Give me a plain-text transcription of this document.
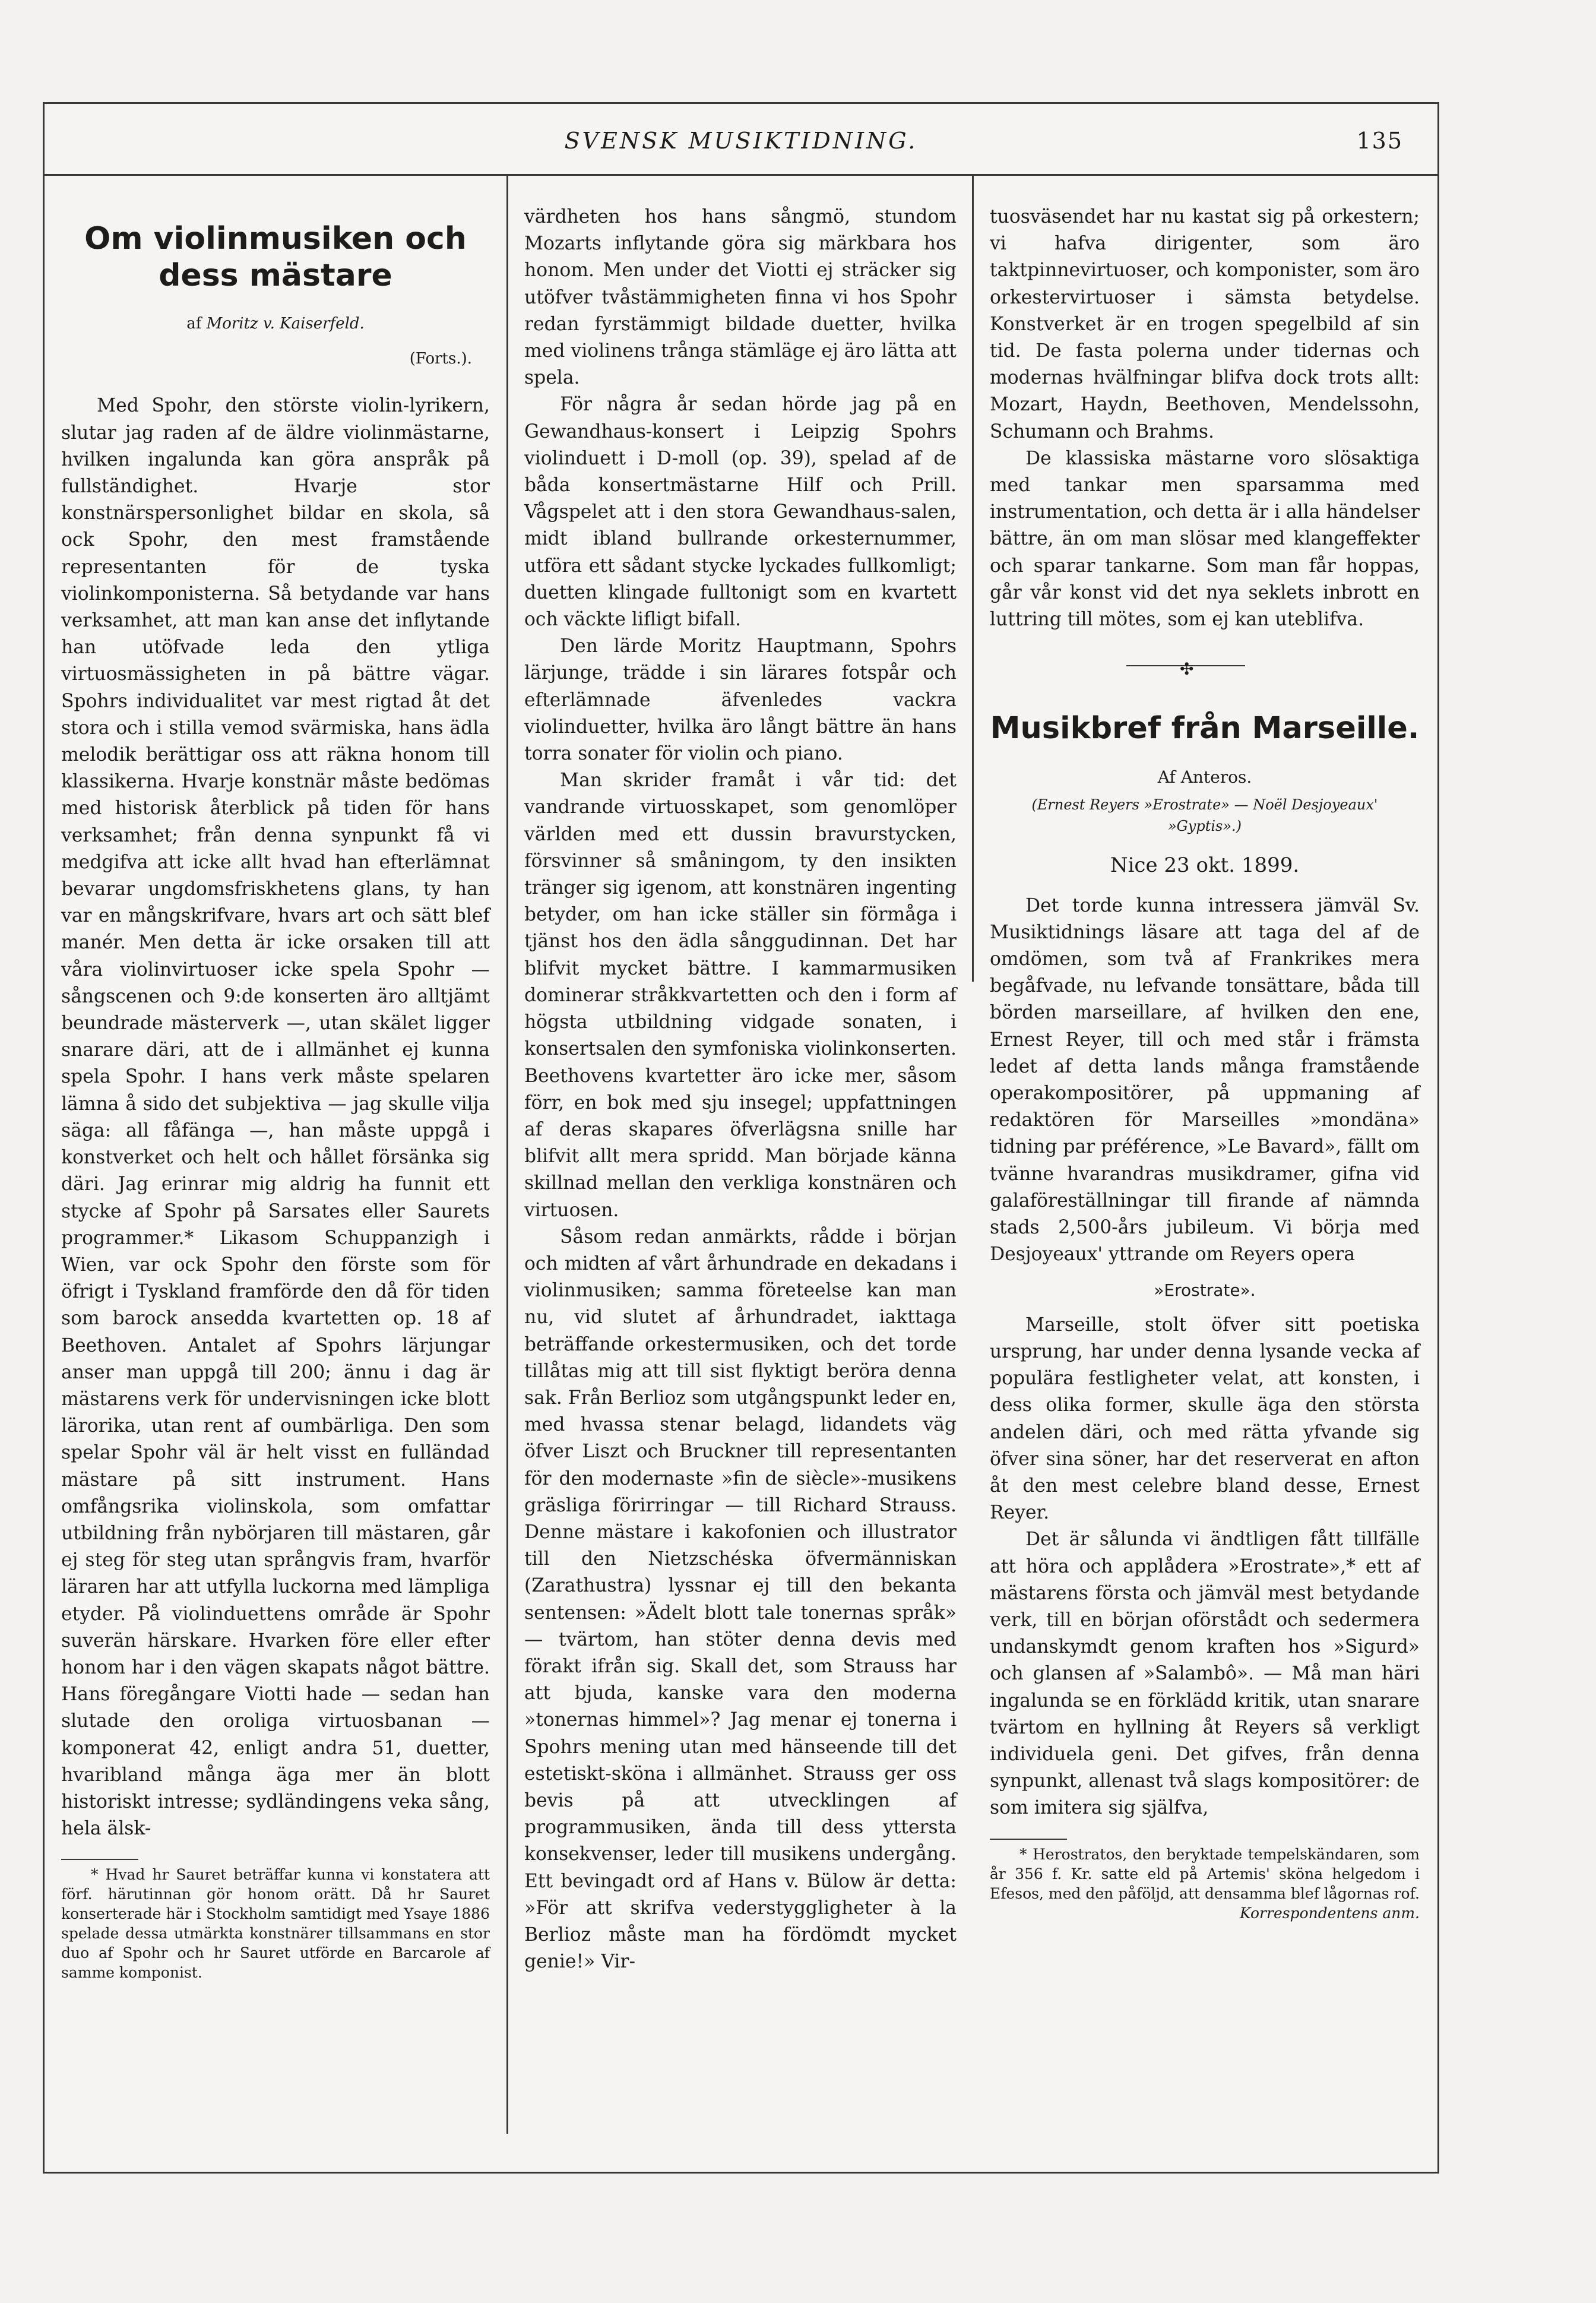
SVENSK MUSIKTIDNING.	135
Om violinmusiken och dess mästare
af Moritz v. Kaiserfeld.
(Forts.).

Med Spohr, den störste violin-lyrikern, slutar jag raden af de äldre violinmästarne, hvilken ingalunda kan göra anspråk på fullständighet. Hvarje stor konstnärspersonlighet bildar en skola, så ock Spohr, den mest framstående representanten för de tyska violinkomponisterna. Så betydande var hans verksamhet, att man kan anse det inflytande han utöfvade leda den ytliga virtuosmässigheten in på bättre vägar. Spohrs individualitet var mest rigtad åt det stora och i stilla vemod svärmiska, hans ädla melodik berättigar oss att räkna honom till klassikerna. Hvarje konstnär måste bedömas med historisk återblick på tiden för hans verksamhet; från denna synpunkt få vi medgifva att icke allt hvad han efterlämnat bevarar ungdomsfriskhetens glans, ty han var en mångskrifvare, hvars art och sätt blef manér. Men detta är icke orsaken till att våra violinvirtuoser icke spela Spohr — sångscenen och 9:de konserten äro alltjämt beundrade mästerverk —, utan skälet ligger snarare däri, att de i allmänhet ej kunna spela Spohr. I hans verk måste spelaren lämna å sido det subjektiva — jag skulle vilja säga: all fåfänga —, han måste uppgå i konstverket och helt och hållet försänka sig däri. Jag erinrar mig aldrig ha funnit ett stycke af Spohr på Sarsates eller Saurets programmer.* Likasom Schuppanzigh i Wien, var ock Spohr den förste som för öfrigt i Tyskland framförde den då för tiden som barock ansedda kvartetten op. 18 af Beethoven. Antalet af Spohrs lärjungar anser man uppgå till 200; ännu i dag är mästarens verk för undervisningen icke blott lärorika, utan rent af oumbärliga. Den som spelar Spohr väl är helt visst en fulländad mästare på sitt instrument. Hans omfångsrika violinskola, som omfattar utbildning från nybörjaren till mästaren, går ej steg för steg utan språngvis fram, hvarför läraren har att utfylla luckorna med lämpliga etyder. På violinduettens område är Spohr suverän härskare. Hvarken före eller efter honom har i den vägen skapats något bättre. Hans föregångare Viotti hade — sedan han slutade den oroliga virtuosbanan — komponerat 42, enligt andra 51, duetter, hvaribland många äga mer än blott historiskt intresse; sydländingens veka sång, hela älsk-

* Hvad hr Sauret beträffar kunna vi konstatera att förf. härutinnan gör honom orätt. Då hr Sauret konserterade här i Stockholm samtidigt med Ysaye 1886 spelade dessa utmärkta konstnärer tillsammans en stor duo af Spohr och hr Sauret utförde en Barcarole af samme komponist.

värdheten hos hans sångmö, stundom Mozarts inflytande göra sig märkbara hos honom. Men under det Viotti ej sträcker sig utöfver tvåstämmigheten finna vi hos Spohr redan fyrstämmigt bildade duetter, hvilka med violinens trånga stämläge ej äro lätta att spela.

För några år sedan hörde jag på en Gewandhaus-konsert i Leipzig Spohrs violinduett i D-moll (op. 39), spelad af de båda konsertmästarne Hilf och Prill. Vågspelet att i den stora Gewandhaus-salen, midt ibland bullrande orkesternummer, utföra ett sådant stycke lyckades fullkomligt; duetten klingade fulltonigt som en kvartett och väckte lifligt bifall.

Den lärde Moritz Hauptmann, Spohrs lärjunge, trädde i sin lärares fotspår och efterlämnade äfvenledes vackra violinduetter, hvilka äro långt bättre än hans torra sonater för violin och piano.

Man skrider framåt i vår tid: det vandrande virtuosskapet, som genomlöper världen med ett dussin bravurstycken, försvinner så småningom, ty den insikten tränger sig igenom, att konstnären ingenting betyder, om han icke ställer sin förmåga i tjänst hos den ädla sånggudinnan. Det har blifvit mycket bättre. I kammarmusiken dominerar stråkkvartetten och den i form af högsta utbildning vidgade sonaten, i konsertsalen den symfoniska violinkonserten. Beethovens kvartetter äro icke mer, såsom förr, en bok med sju insegel; uppfattningen af deras skapares öfverlägsna snille har blifvit allt mera spridd. Man började känna skillnad mellan den verkliga konstnären och virtuosen.

Såsom redan anmärkts, rådde i början och midten af vårt århundrade en dekadans i violinmusiken; samma företeelse kan man nu, vid slutet af århundradet, iakttaga beträffande orkestermusiken, och det torde tillåtas mig att till sist flyktigt beröra denna sak. Från Berlioz som utgångspunkt leder en, med hvassa stenar belagd, lidandets väg öfver Liszt och Bruckner till representanten för den modernaste »fin de siècle»-musikens gräsliga förirringar — till Richard Strauss. Denne mästare i kakofonien och illustrator till den Nietzschéska öfvermänniskan (Zarathustra) lyssnar ej till den bekanta sentensen: »Ädelt blott tale tonernas språk» — tvärtom, han stöter denna devis med förakt ifrån sig. Skall det, som Strauss har att bjuda, kanske vara den moderna »tonernas himmel»? Jag menar ej tonerna i Spohrs mening utan med hänseende till det estetiskt-sköna i allmänhet. Strauss ger oss bevis på att utvecklingen af programmusiken, ända till dess yttersta konsekvenser, leder till musikens undergång. Ett bevingadt ord af Hans v. Bülow är detta: »För att skrifva vederstyggligheter à la Berlioz måste man ha fördömdt mycket genie!» Vir-

tuosväsendet har nu kastat sig på orkestern; vi hafva dirigenter, som äro taktpinnevirtuoser, och komponister, som äro orkestervirtuoser i sämsta betydelse. Konstverket är en trogen spegelbild af sin tid. De fasta polerna under tidernas och modernas hvälfningar blifva dock trots allt: Mozart, Haydn, Beethoven, Mendelssohn, Schumann och Brahms.

De klassiska mästarne voro slösaktiga med tankar men sparsamma med instrumentation, och detta är i alla händelser bättre, än om man slösar med klangeffekter och sparar tankarne. Som man får hoppas, går vår konst vid det nya seklets inbrott en luttring till mötes, som ej kan uteblifva.

✣
Musikbref från Marseille.
Af Anteros.
(Ernest Reyers »Erostrate» — Noël Desjoyeaux' »Gyptis».)
Nice 23 okt. 1899.

Det torde kunna intressera jämväl Sv. Musiktidnings läsare att taga del af de omdömen, som två af Frankrikes mera begåfvade, nu lefvande tonsättare, båda till börden marseillare, af hvilken den ene, Ernest Reyer, till och med står i främsta ledet af detta lands många framstående operakompositörer, på uppmaning af redaktören för Marseilles »mondäna» tidning par préférence, »Le Bavard», fällt om tvänne hvarandras musikdramer, gifna vid galaföreställningar till firande af nämnda stads 2,500-års jubileum. Vi börja med Desjoyeaux' yttrande om Reyers opera

»Erostrate».

Marseille, stolt öfver sitt poetiska ursprung, har under denna lysande vecka af populära festligheter velat, att konsten, i dess olika former, skulle äga den största andelen däri, och med rätta yfvande sig öfver sina söner, har det reserverat en afton åt den mest celebre bland desse, Ernest Reyer.

Det är sålunda vi ändtligen fått tillfälle att höra och applådera »Erostrate»,* ett af mästarens första och jämväl mest betydande verk, till en början oförstådt och sedermera undanskymdt genom kraften hos »Sigurd» och glansen af »Salambô». — Må man häri ingalunda se en förklädd kritik, utan snarare tvärtom en hyllning åt Reyers så verkligt individuela geni. Det gifves, från denna synpunkt, allenast två slags kompositörer: de som imitera sig själfva,

* Herostratos, den beryktade tempelskändaren, som år 356 f. Kr. satte eld på Artemis' sköna helgedom i Efesos, med den påföljd, att densamma blef lågornas rof.
Korrespondentens anm.
